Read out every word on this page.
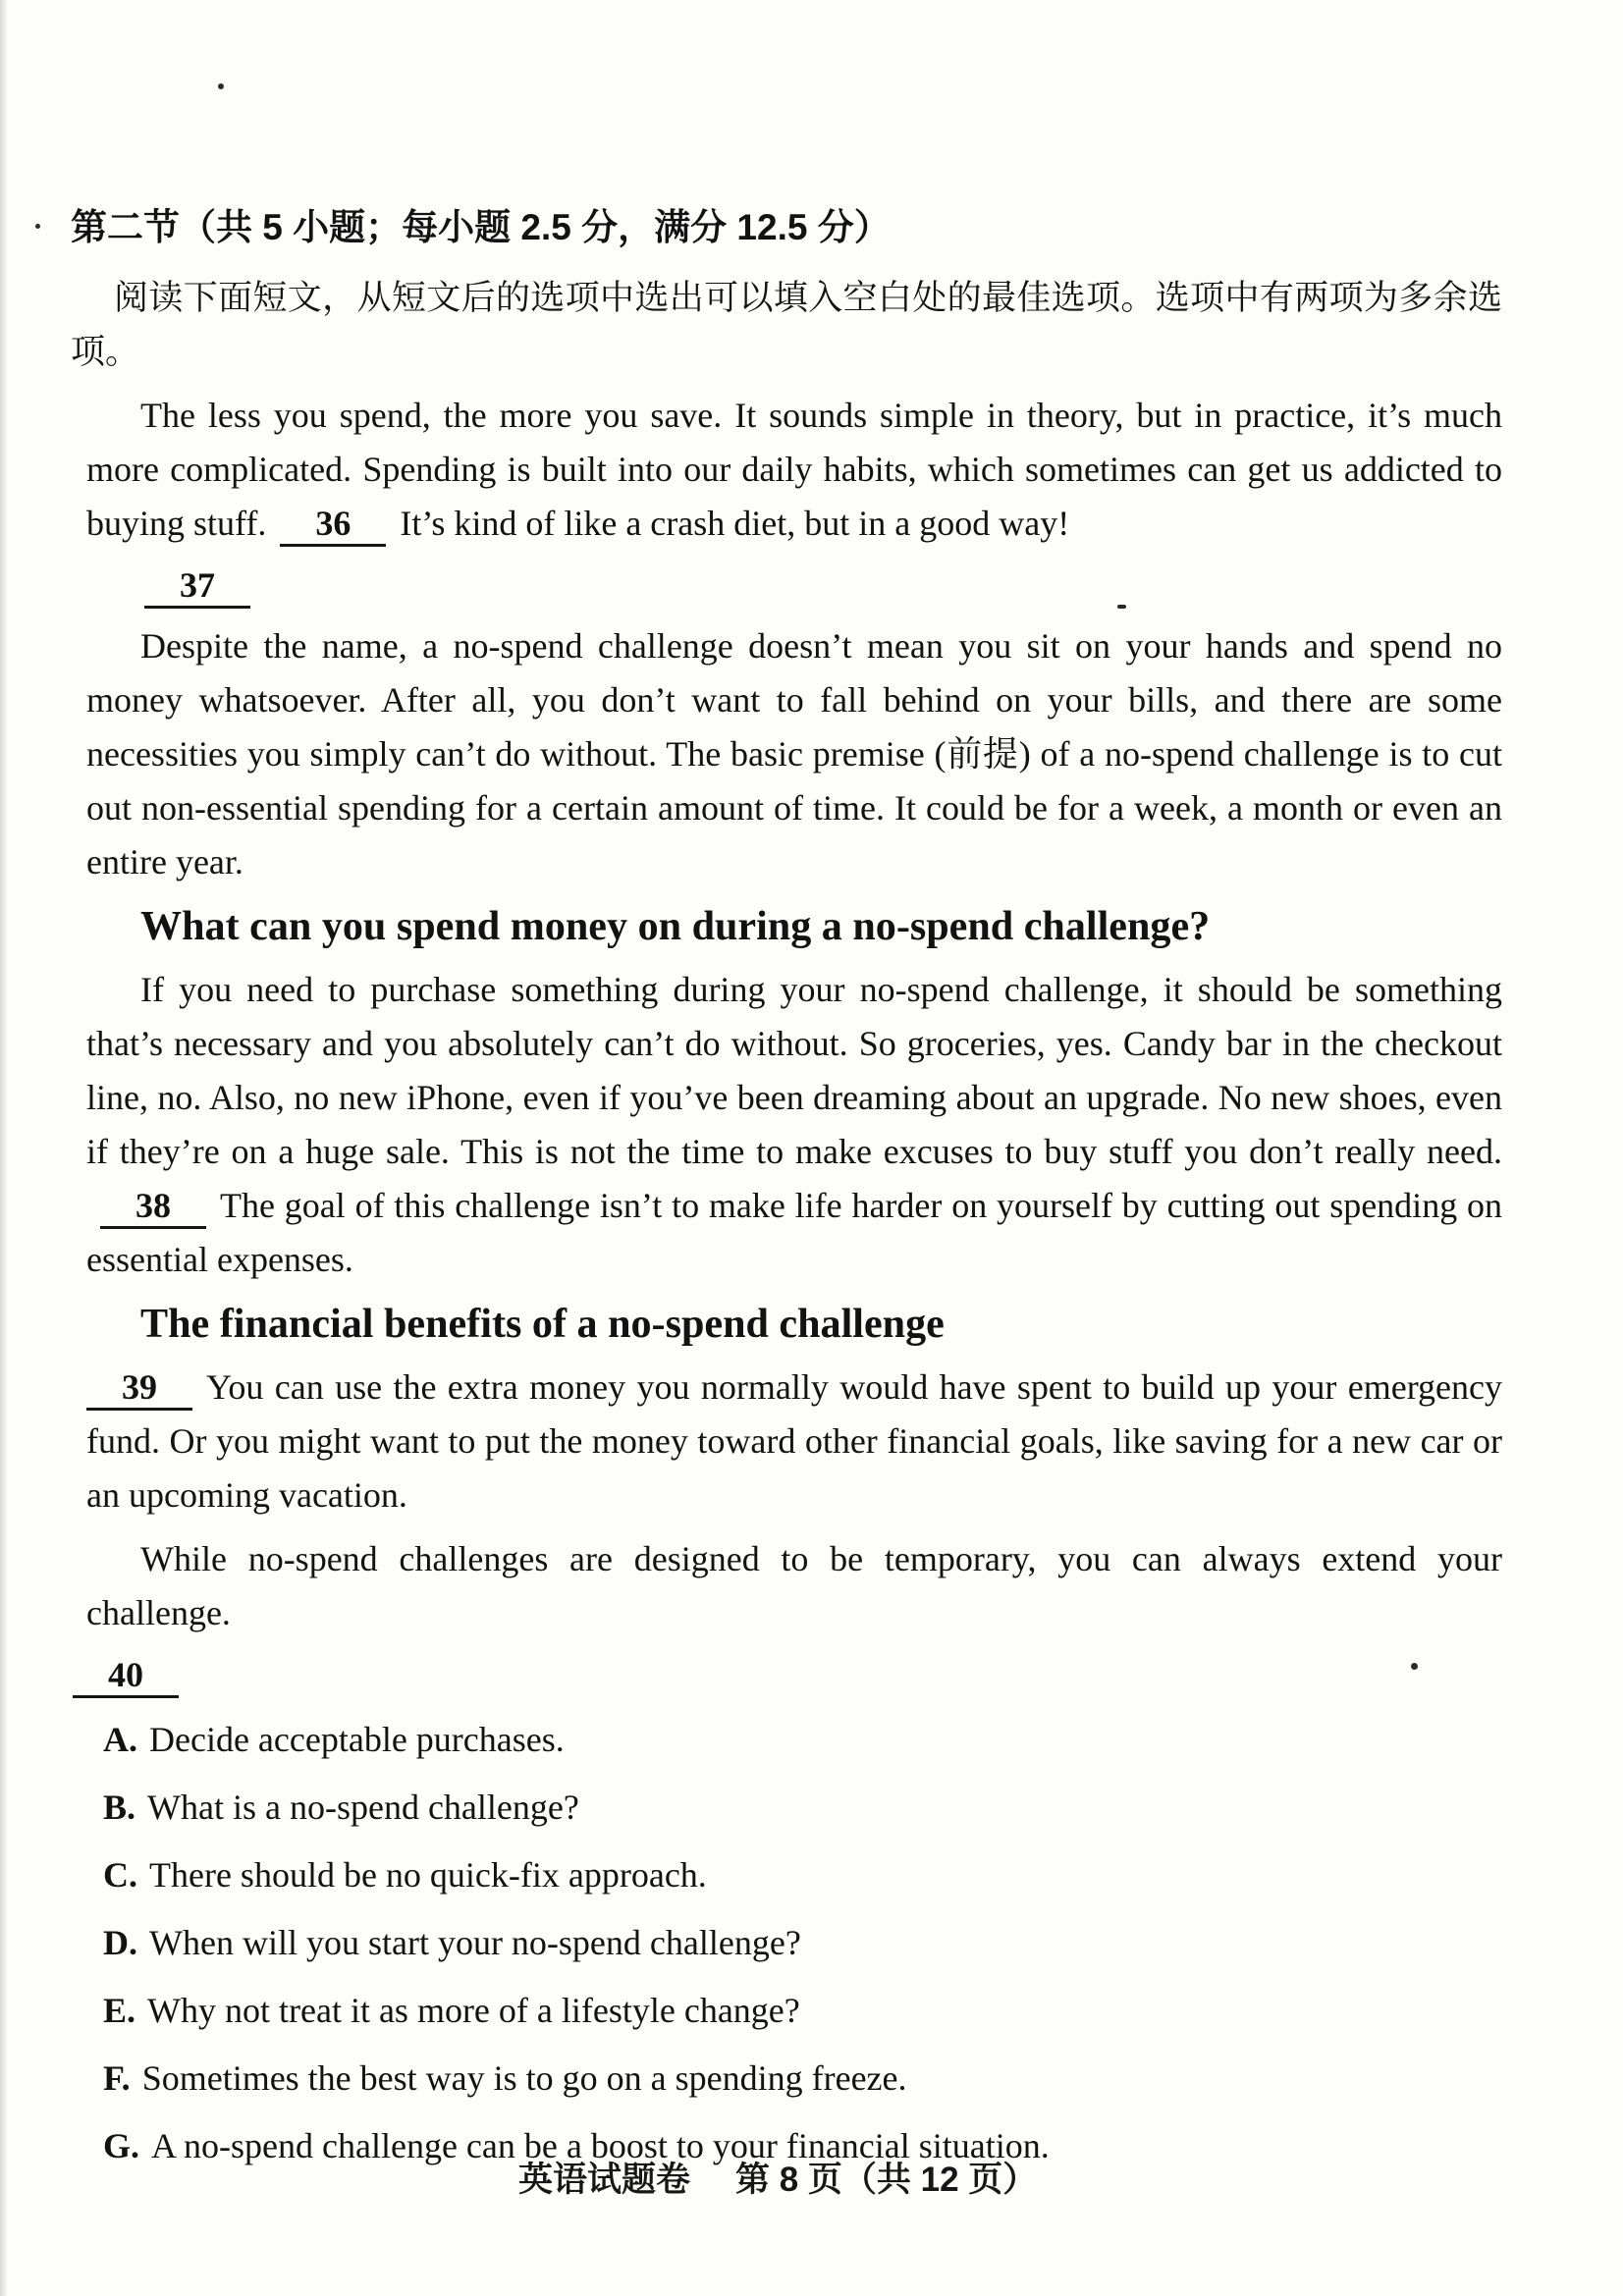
第二节（共 5 小题；每小题 2.5 分，满分 12.5 分）

阅读下面短文，从短文后的选项中选出可以填入空白处的最佳选项。选项中有两项为多余选项。

The less you spend, the more you save. It sounds simple in theory, but in practice, it’s much more complicated. Spending is built into our daily habits, which sometimes can get us addicted to buying stuff. 36 It’s kind of like a crash diet, but in a good way!

37

Despite the name, a no-spend challenge doesn’t mean you sit on your hands and spend no money whatsoever. After all, you don’t want to fall behind on your bills, and there are some necessities you simply can’t do without. The basic premise (前提) of a no-spend challenge is to cut out non-essential spending for a certain amount of time. It could be for a week, a month or even an entire year.

What can you spend money on during a no-spend challenge?

If you need to purchase something during your no-spend challenge, it should be something that’s necessary and you absolutely can’t do without. So groceries, yes. Candy bar in the checkout line, no. Also, no new iPhone, even if you’ve been dreaming about an upgrade. No new shoes, even if they’re on a huge sale. This is not the time to make excuses to buy stuff you don’t really need.38 The goal of this challenge isn’t to make life harder on yourself by cutting out spending on essential expenses.

The financial benefits of a no-spend challenge

39 You can use the extra money you normally would have spent to build up your emergency fund. Or you might want to put the money toward other financial goals, like saving for a new car or an upcoming vacation.

While no-spend challenges are designed to be temporary, you can always extend your challenge.

40
A. Decide acceptable purchases.
B. What is a no-spend challenge?
C. There should be no quick-fix approach.
D. When will you start your no-spend challenge?
E. Why not treat it as more of a lifestyle change?
F. Sometimes the best way is to go on a spending freeze.
G. A no-spend challenge can be a boost to your financial situation.
英语试题卷 第 8 页（共 12 页）
